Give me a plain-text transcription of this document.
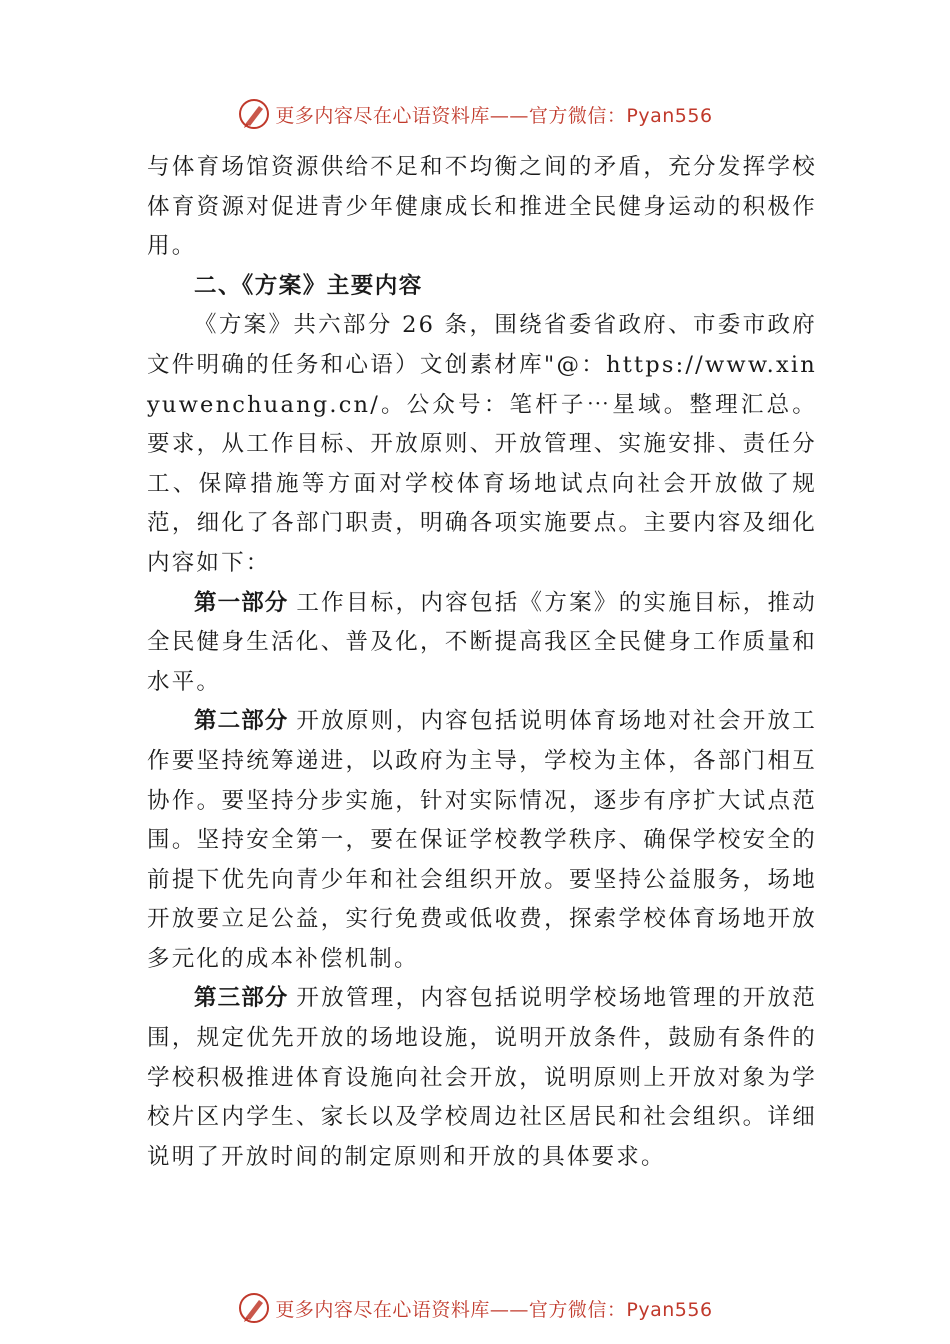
更多内容尽在心语资料库——官方微信：Pyan556

与体育场馆资源供给不足和不均衡之间的矛盾，充分发挥学校体育资源对促进青少年健康成长和推进全民健身运动的积极作用。

二、《方案》主要内容

《方案》共六部分 26 条，围绕省委省政府、市委市政府文件明确的任务和心语）文创素材库"@：https://www.xinyuwenchuang.cn/。公众号：笔杆子⋯星域。整理汇总。要求，从工作目标、开放原则、开放管理、实施安排、责任分工、保障措施等方面对学校体育场地试点向社会开放做了规范，细化了各部门职责，明确各项实施要点。主要内容及细化内容如下：

第一部分 工作目标，内容包括《方案》的实施目标，推动全民健身生活化、普及化，不断提高我区全民健身工作质量和水平。

第二部分 开放原则，内容包括说明体育场地对社会开放工作要坚持统筹递进，以政府为主导，学校为主体，各部门相互协作。要坚持分步实施，针对实际情况，逐步有序扩大试点范围。坚持安全第一，要在保证学校教学秩序、确保学校安全的前提下优先向青少年和社会组织开放。要坚持公益服务，场地开放要立足公益，实行免费或低收费，探索学校体育场地开放多元化的成本补偿机制。

第三部分 开放管理，内容包括说明学校场地管理的开放范围，规定优先开放的场地设施，说明开放条件，鼓励有条件的学校积极推进体育设施向社会开放，说明原则上开放对象为学校片区内学生、家长以及学校周边社区居民和社会组织。详细说明了开放时间的制定原则和开放的具体要求。

更多内容尽在心语资料库——官方微信：Pyan556
